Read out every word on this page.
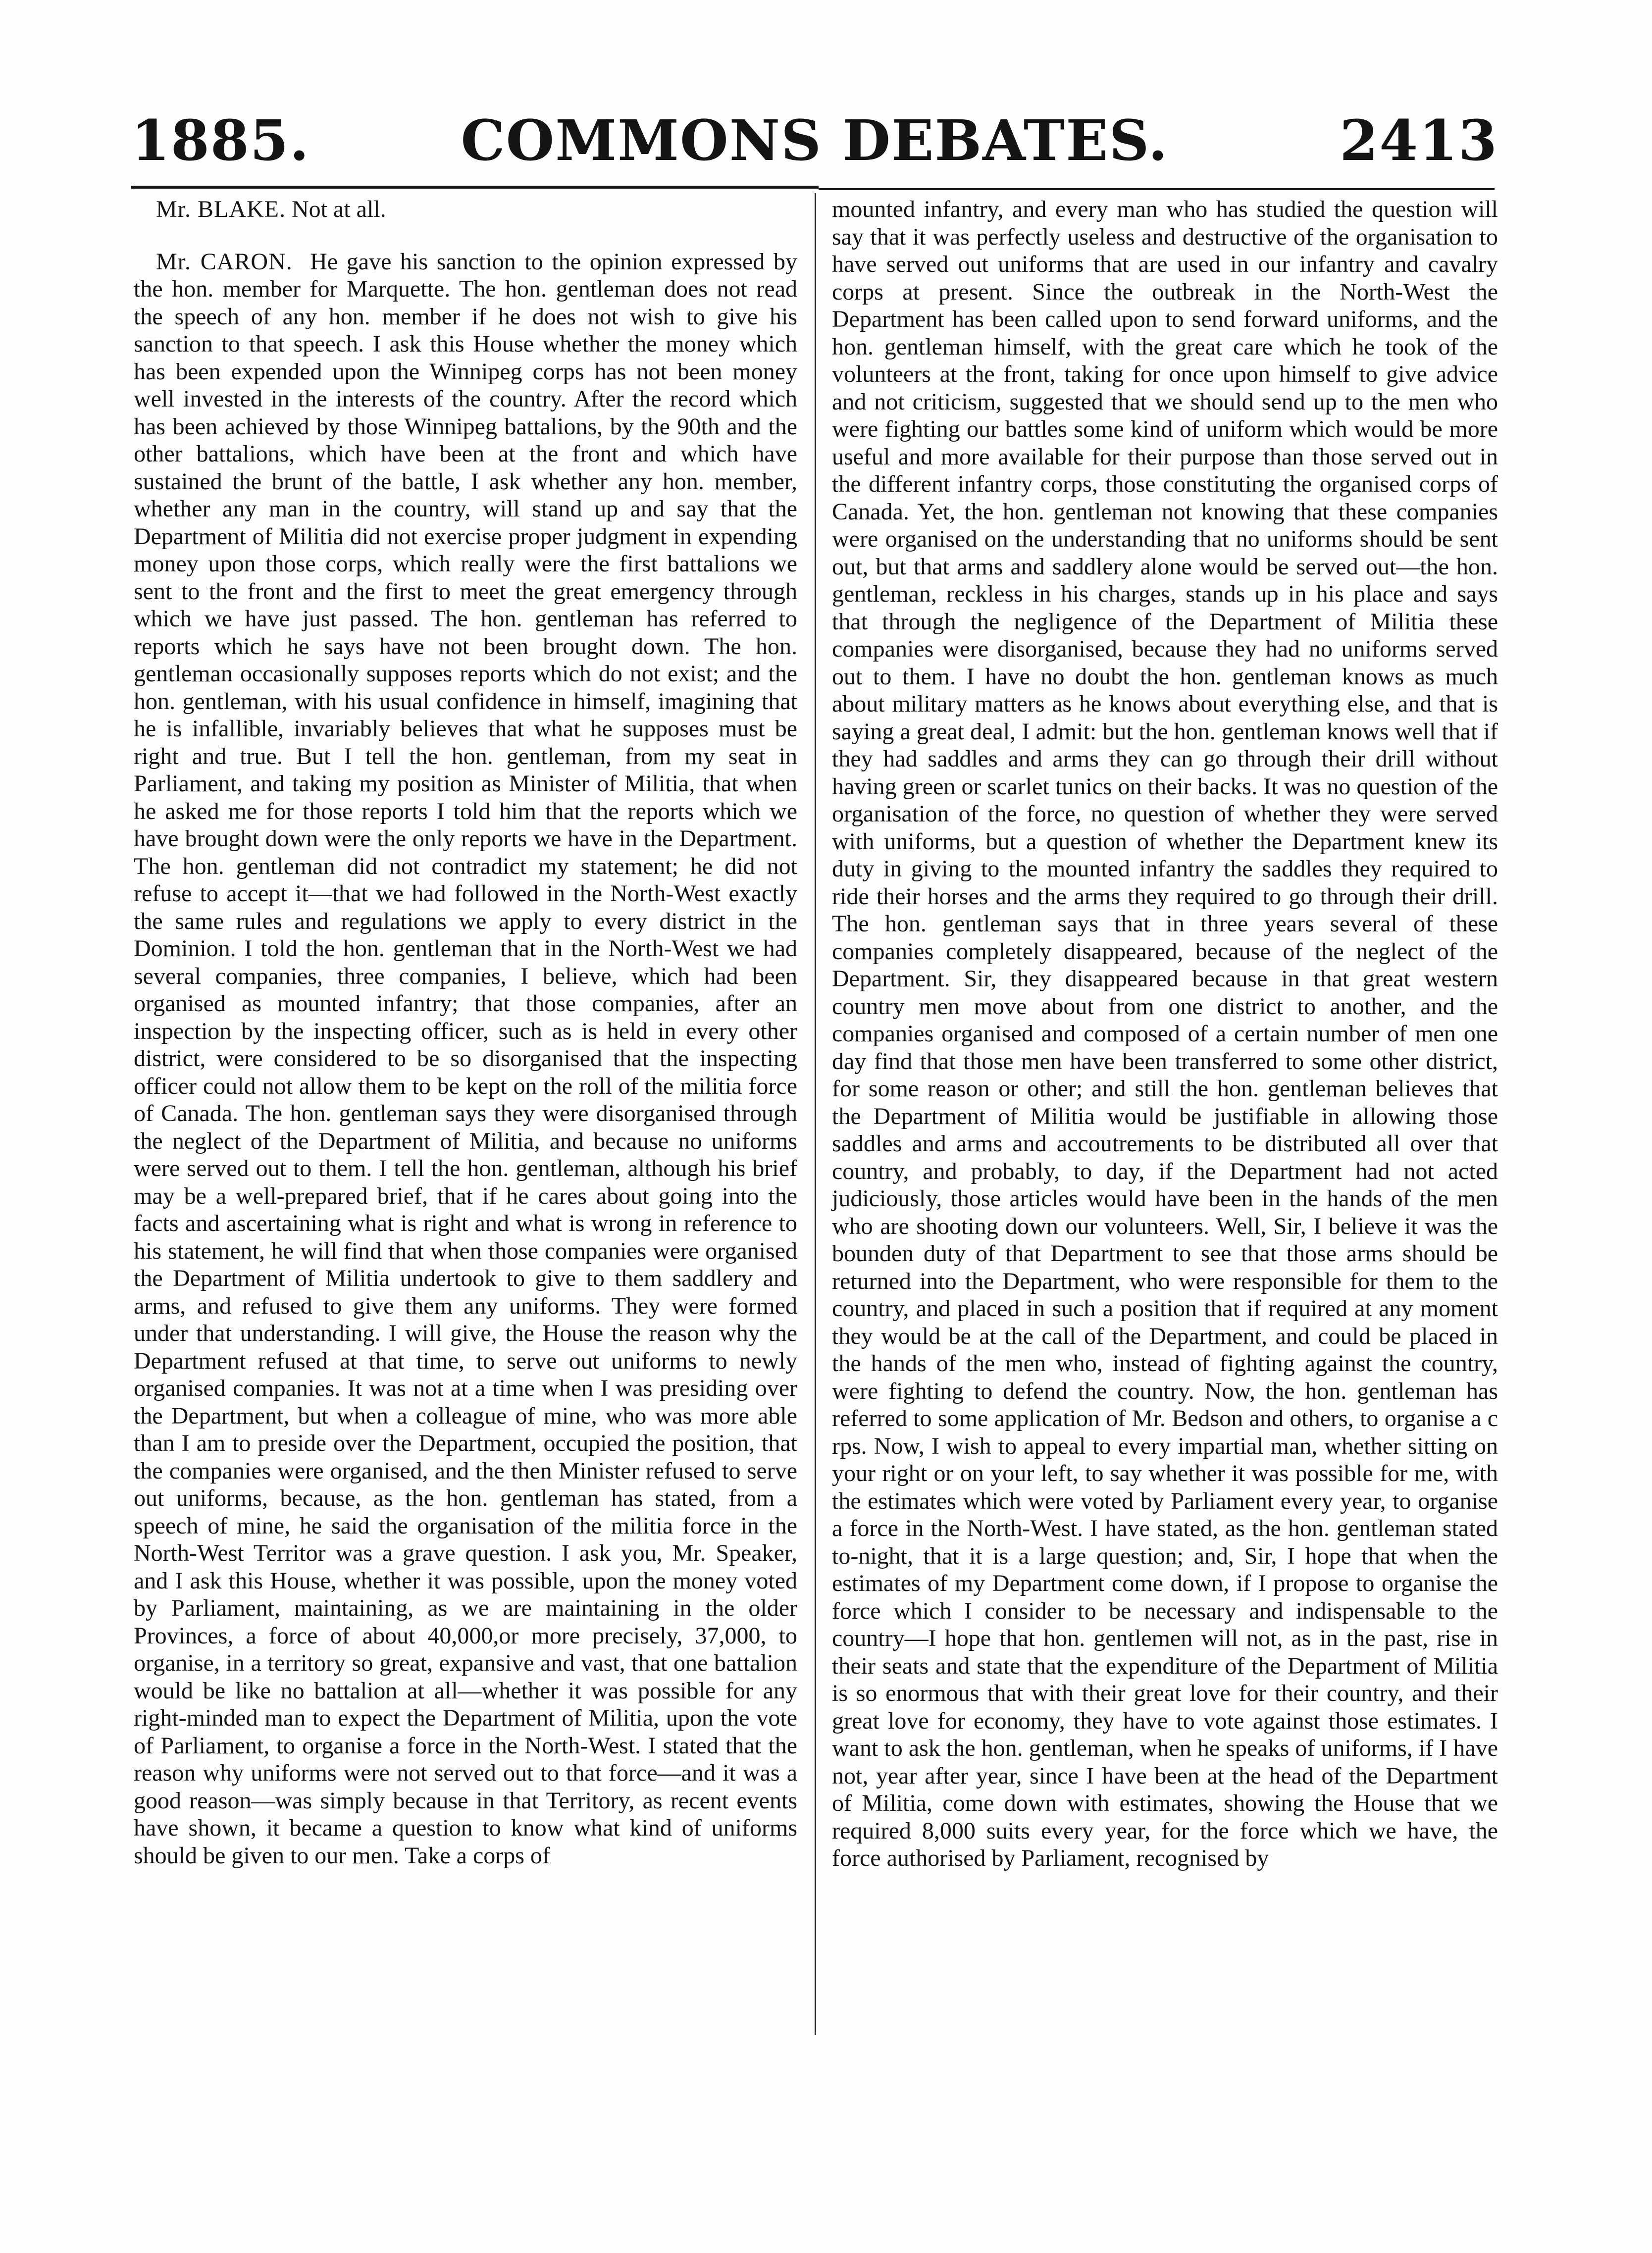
1885.	COMMONS DEBATES.	2413

Mr. BLAKE. Not at all.

Mr. CARON. He gave his sanction to the opinion expressed by the hon. member for Marquette. The hon. gentleman does not read the speech of any hon. member if he does not wish to give his sanction to that speech. I ask this House whether the money which has been expended upon the Winnipeg corps has not been money well invested in the interests of the country. After the record which has been achieved by those Winnipeg battalions, by the 90th and the other battalions, which have been at the front and which have sustained the brunt of the battle, I ask whether any hon. member, whether any man in the country, will stand up and say that the Department of Militia did not exercise proper judgment in expending money upon those corps, which really were the first battalions we sent to the front and the first to meet the great emergency through which we have just passed. The hon. gentleman has referred to reports which he says have not been brought down. The hon. gentleman occasionally supposes reports which do not exist; and the hon. gentleman, with his usual confidence in himself, imagining that he is infallible, invariably believes that what he supposes must be right and true. But I tell the hon. gentleman, from my seat in Parliament, and taking my position as Minister of Militia, that when he asked me for those reports I told him that the reports which we have brought down were the only reports we have in the Department. The hon. gentleman did not contradict my statement; he did not refuse to accept it—that we had followed in the North-West exactly the same rules and regulations we apply to every district in the Dominion. I told the hon. gentleman that in the North-West we had several companies, three companies, I believe, which had been organised as mounted infantry; that those companies, after an inspection by the inspecting officer, such as is held in every other district, were considered to be so disorganised that the inspecting officer could not allow them to be kept on the roll of the militia force of Canada. The hon. gentleman says they were disorganised through the neglect of the Department of Militia, and because no uniforms were served out to them. I tell the hon. gentleman, although his brief may be a well-prepared brief, that if he cares about going into the facts and ascertaining what is right and what is wrong in reference to his statement, he will find that when those companies were organised the Department of Militia undertook to give to them saddlery and arms, and refused to give them any uniforms. They were formed under that understanding. I will give, the House the reason why the Department refused at that time, to serve out uniforms to newly organised companies. It was not at a time when I was presiding over the Department, but when a colleague of mine, who was more able than I am to preside over the Department, occupied the position, that the companies were organised, and the then Minister refused to serve out uniforms, because, as the hon. gentleman has stated, from a speech of mine, he said the organisation of the militia force in the North-West Territor was a grave question. I ask you, Mr. Speaker, and I ask this House, whether it was possible, upon the money voted by Parliament, maintaining, as we are maintaining in the older Provinces, a force of about 40,000,or more precisely, 37,000, to organise, in a territory so great, expansive and vast, that one battalion would be like no battalion at all—whether it was possible for any right-minded man to expect the Department of Militia, upon the vote of Parliament, to organise a force in the North-West. I stated that the reason why uniforms were not served out to that force—and it was a good reason—was simply because in that Territory, as recent events have shown, it became a question to know what kind of uniforms should be given to our men. Take a corps of

mounted infantry, and every man who has studied the question will say that it was perfectly useless and destructive of the organisation to have served out uniforms that are used in our infantry and cavalry corps at present. Since the outbreak in the North-West the Department has been called upon to send forward uniforms, and the hon. gentleman himself, with the great care which he took of the volunteers at the front, taking for once upon himself to give advice and not criticism, suggested that we should send up to the men who were fighting our battles some kind of uniform which would be more useful and more available for their purpose than those served out in the different infantry corps, those constituting the organised corps of Canada. Yet, the hon. gentleman not knowing that these companies were organised on the understanding that no uniforms should be sent out, but that arms and saddlery alone would be served out—the hon. gentleman, reckless in his charges, stands up in his place and says that through the negligence of the Department of Militia these companies were disorganised, because they had no uniforms served out to them. I have no doubt the hon. gentleman knows as much about military matters as he knows about everything else, and that is saying a great deal, I admit: but the hon. gentleman knows well that if they had saddles and arms they can go through their drill without having green or scarlet tunics on their backs. It was no question of the organisation of the force, no question of whether they were served with uniforms, but a question of whether the Department knew its duty in giving to the mounted infantry the saddles they required to ride their horses and the arms they required to go through their drill. The hon. gentleman says that in three years several of these companies completely disappeared, because of the neglect of the Department. Sir, they disappeared because in that great western country men move about from one district to another, and the companies organised and composed of a certain number of men one day find that those men have been transferred to some other district, for some reason or other; and still the hon. gentleman believes that the Department of Militia would be justifiable in allowing those saddles and arms and accoutrements to be distributed all over that country, and probably, to day, if the Department had not acted judiciously, those articles would have been in the hands of the men who are shooting down our volunteers. Well, Sir, I believe it was the bounden duty of that Department to see that those arms should be returned into the Department, who were responsible for them to the country, and placed in such a position that if required at any moment they would be at the call of the Department, and could be placed in the hands of the men who, instead of fighting against the country, were fighting to defend the country. Now, the hon. gentleman has referred to some application of Mr. Bedson and others, to organise a c rps. Now, I wish to appeal to every impartial man, whether sitting on your right or on your left, to say whether it was possible for me, with the estimates which were voted by Parliament every year, to organise a force in the North-West. I have stated, as the hon. gentleman stated to-night, that it is a large question; and, Sir, I hope that when the estimates of my Department come down, if I propose to organise the force which I consider to be necessary and indispensable to the country—I hope that hon. gentlemen will not, as in the past, rise in their seats and state that the expenditure of the Department of Militia is so enormous that with their great love for their country, and their great love for economy, they have to vote against those estimates. I want to ask the hon. gentleman, when he speaks of uniforms, if I have not, year after year, since I have been at the head of the Department of Militia, come down with estimates, showing the House that we required 8,000 suits every year, for the force which we have, the force authorised by Parliament, recognised by
